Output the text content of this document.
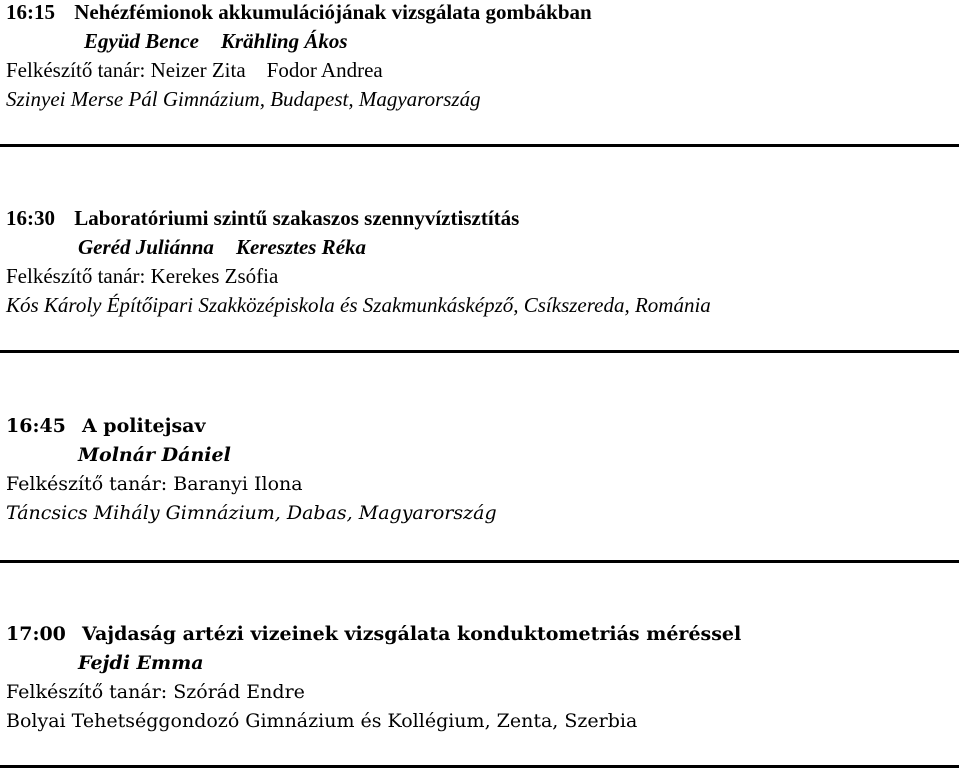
16:15 Nehézfémionok akkumulációjának vizsgálata gombákban
Együd Bence Krähling Ákos
Felkészítő tanár: Neizer Zita    Fodor Andrea
Szinyei Merse Pál Gimnázium, Budapest, Magyarország
16:30 Laboratóriumi szintű szakaszos szennyvíztisztítás
Geréd Juliánna Keresztes Réka
Felkészítő tanár: Kerekes Zsófia
Kós Károly Építőipari Szakközépiskola és Szakmunkásképző, Csíkszereda, Románia
16:45 A politejsav
Molnár Dániel
Felkészítő tanár: Baranyi Ilona
Táncsics Mihály Gimnázium, Dabas, Magyarország
17:00 Vajdaság artézi vizeinek vizsgálata konduktometriás méréssel
Fejdi Emma
Felkészítő tanár: Szórád Endre
Bolyai Tehetséggondozó Gimnázium és Kollégium, Zenta, Szerbia
